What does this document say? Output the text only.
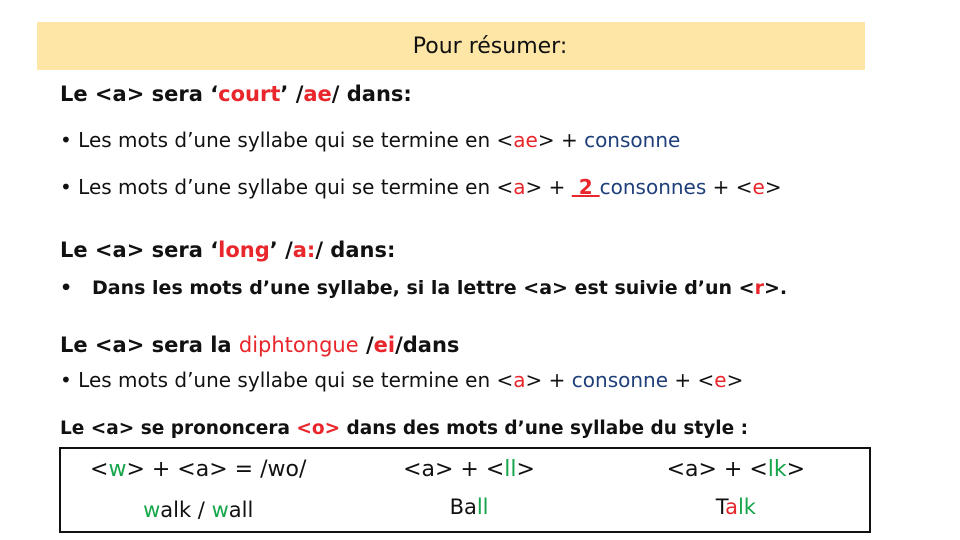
Pour résumer:
Le <a> sera ‘court’ /ae/ dans:
• Les mots d’une syllabe qui se termine en <ae> + consonne
• Les mots d’une syllabe qui se termine en <a> +  2 consonnes + <e>
Le <a> sera ‘long’ /a:/ dans:
•   Dans les mots d’une syllabe, si la lettre <a> est suivie d’un <r>.
Le <a> sera la diphtongue /ei/dans
• Les mots d’une syllabe qui se termine en <a> + consonne + <e>
Le <a> se prononcera <o> dans des mots d’une syllabe du style :
<w> + <a> = /wo/	<a> + <ll>	<a> + <lk>
walk / wall	Ball	Talk
